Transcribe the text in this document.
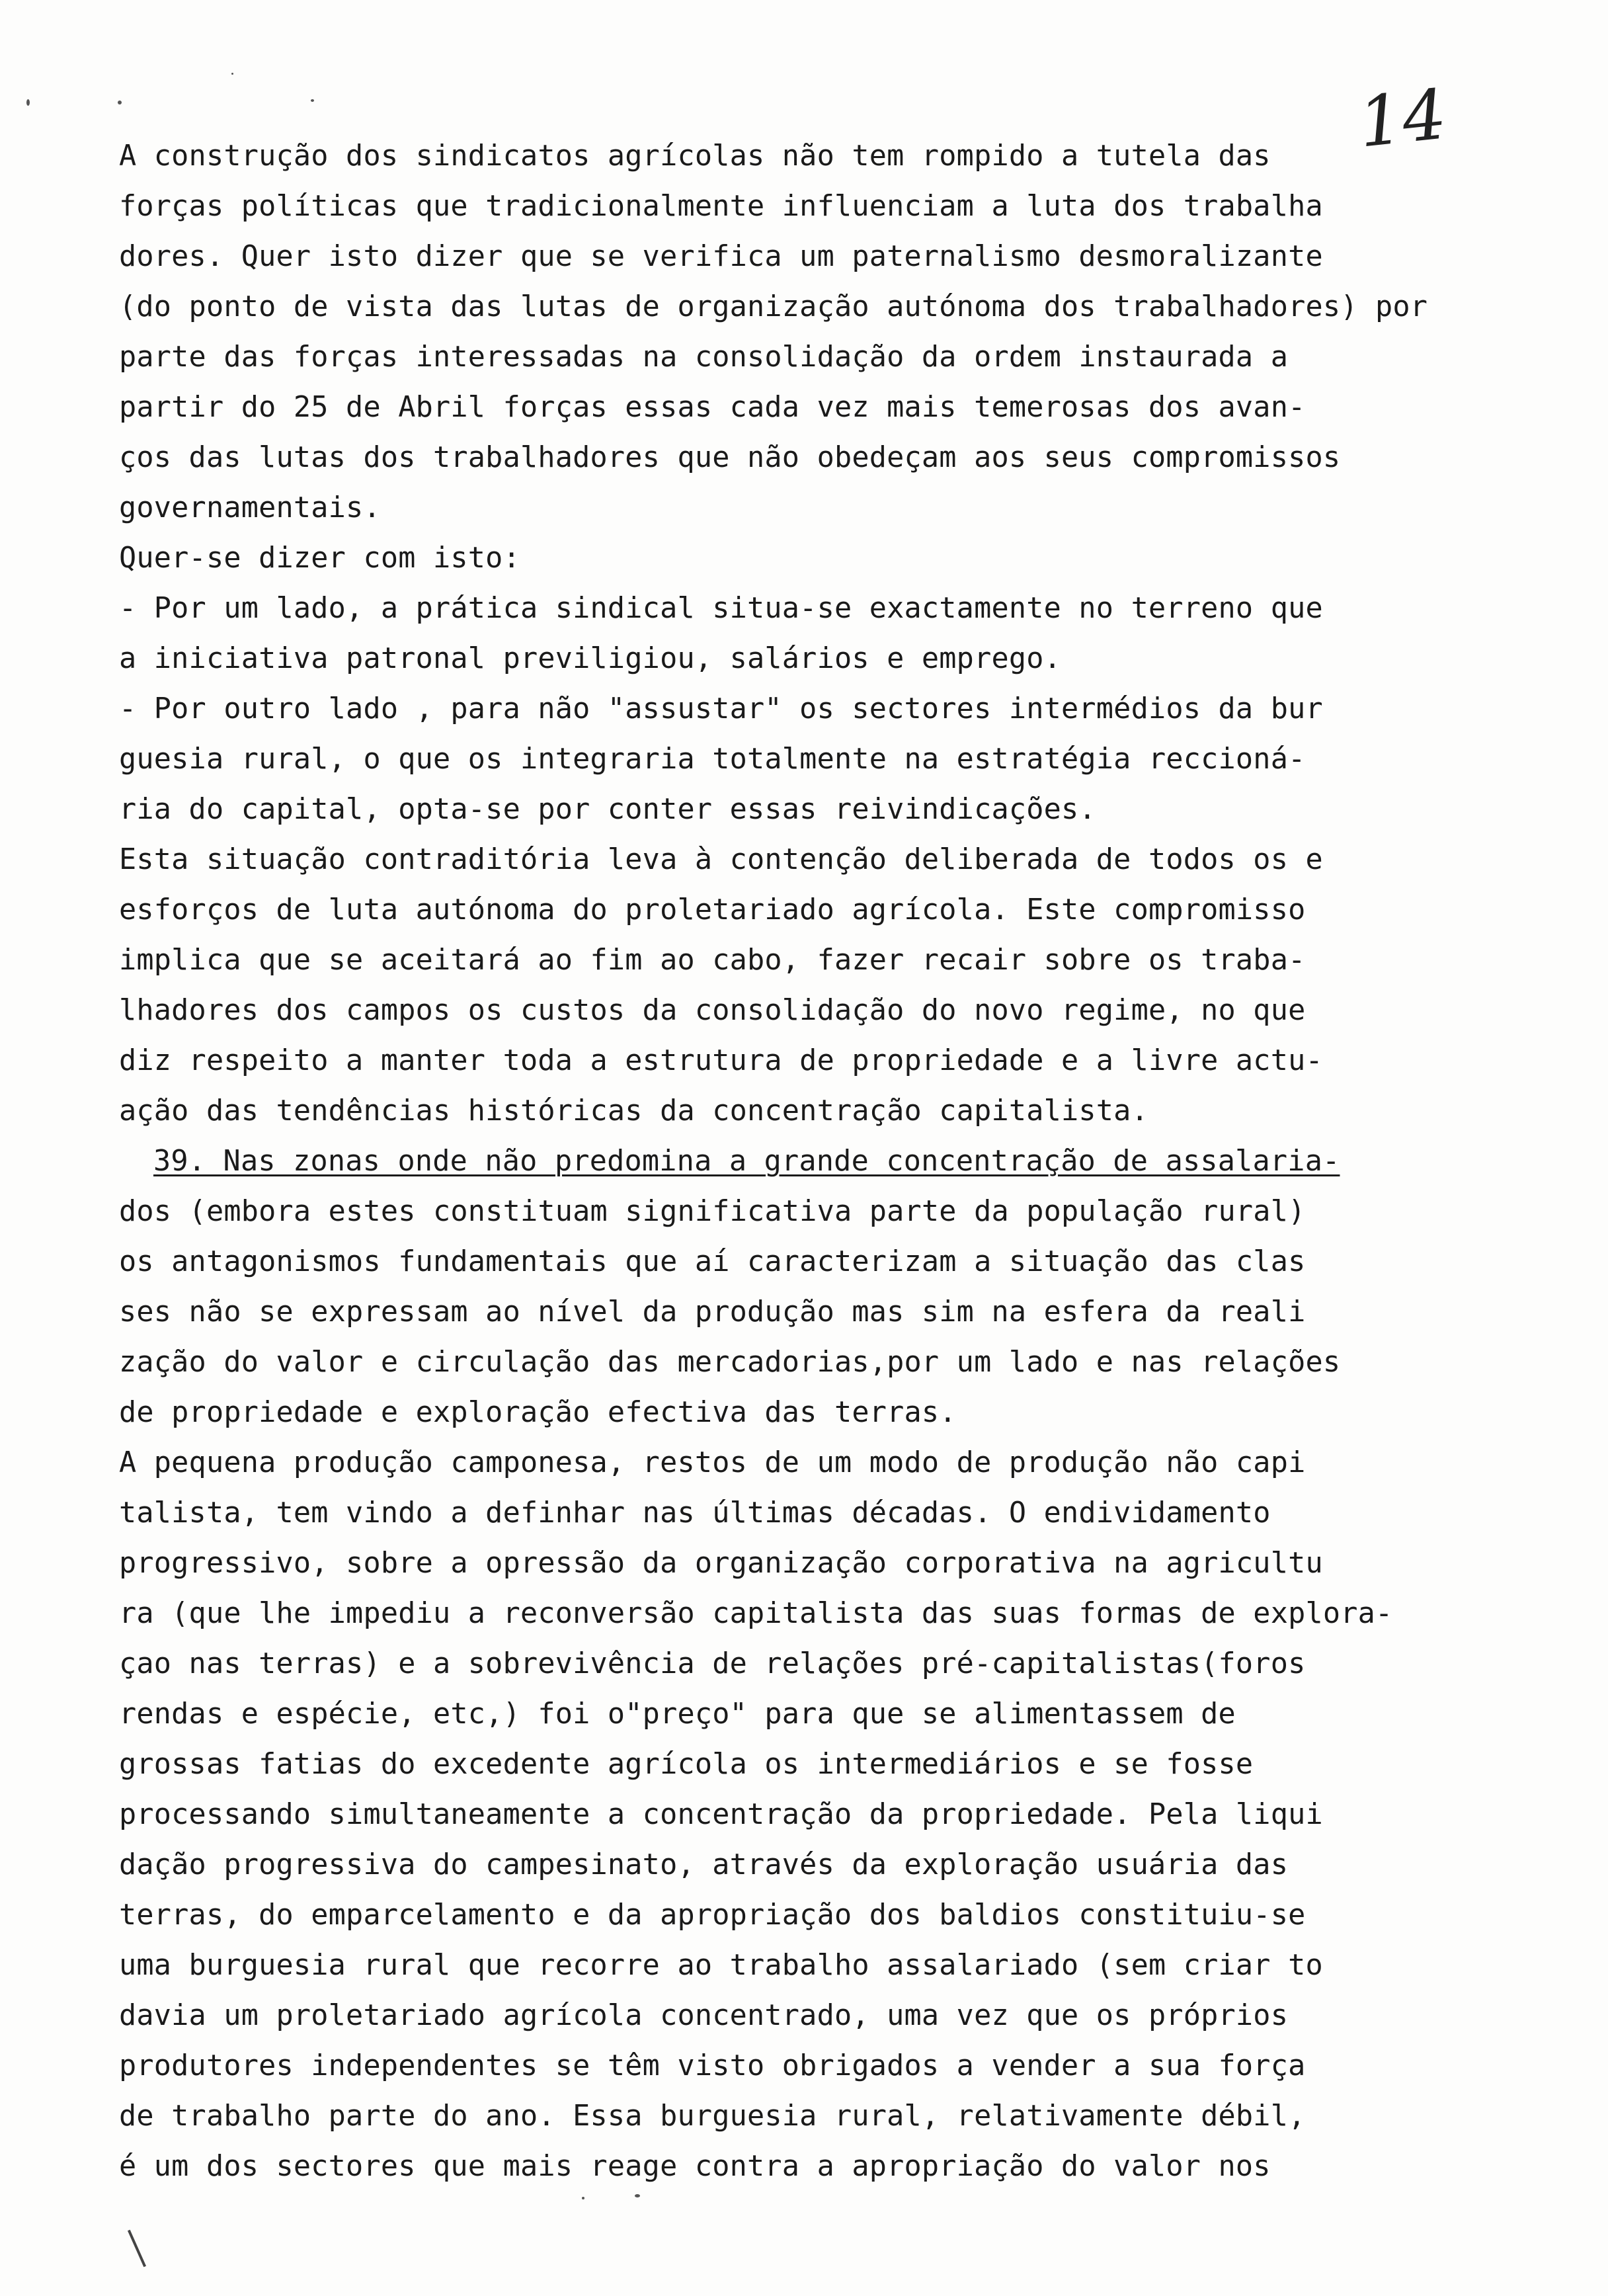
14
A construção dos sindicatos agrícolas não tem rompido a tutela das
forças políticas que tradicionalmente influenciam a luta dos trabalha
dores. Quer isto dizer que se verifica um paternalismo desmoralizante
(do ponto de vista das lutas de organização autónoma dos trabalhadores) por
parte das forças interessadas na consolidação da ordem instaurada a
partir do 25 de Abril forças essas cada vez mais temerosas dos avan-
ços das lutas dos trabalhadores que não obedeçam aos seus compromissos
governamentais.
Quer-se dizer com isto:
- Por um lado, a prática sindical situa-se exactamente no terreno que
a iniciativa patronal previligiou, salários e emprego.
- Por outro lado , para não "assustar" os sectores intermédios da bur
guesia rural, o que os integraria totalmente na estratégia reccioná-
ria do capital, opta-se por conter essas reivindicações.
Esta situação contraditória leva à contenção deliberada de todos os e
esforços de luta autónoma do proletariado agrícola. Este compromisso
implica que se aceitará ao fim ao cabo, fazer recair sobre os traba-
lhadores dos campos os custos da consolidação do novo regime, no que
diz respeito a manter toda a estrutura de propriedade e a livre actu-
ação das tendências históricas da concentração capitalista.
39. Nas zonas onde não predomina a grande concentração de assalaria-
dos (embora estes constituam significativa parte da população rural)
os antagonismos fundamentais que aí caracterizam a situação das clas
ses não se expressam ao nível da produção mas sim na esfera da reali
zação do valor e circulação das mercadorias,por um lado e nas relações
de propriedade e exploração efectiva das terras.
A pequena produção camponesa, restos de um modo de produção não capi
talista, tem vindo a definhar nas últimas décadas. O endividamento
progressivo, sobre a opressão da organização corporativa na agricultu
ra (que lhe impediu a reconversão capitalista das suas formas de explora-
çao nas terras) e a sobrevivência de relações pré-capitalistas(foros
rendas e espécie, etc,) foi o"preço" para que se alimentassem de
grossas fatias do excedente agrícola os intermediários e se fosse
processando simultaneamente a concentração da propriedade. Pela liqui
dação progressiva do campesinato, através da exploração usuária das
terras, do emparcelamento e da apropriação dos baldios constituiu-se
uma burguesia rural que recorre ao trabalho assalariado (sem criar to
davia um proletariado agrícola concentrado, uma vez que os próprios
produtores independentes se têm visto obrigados a vender a sua força
de trabalho parte do ano. Essa burguesia rural, relativamente débil,
é um dos sectores que mais reage contra a apropriação do valor nos
